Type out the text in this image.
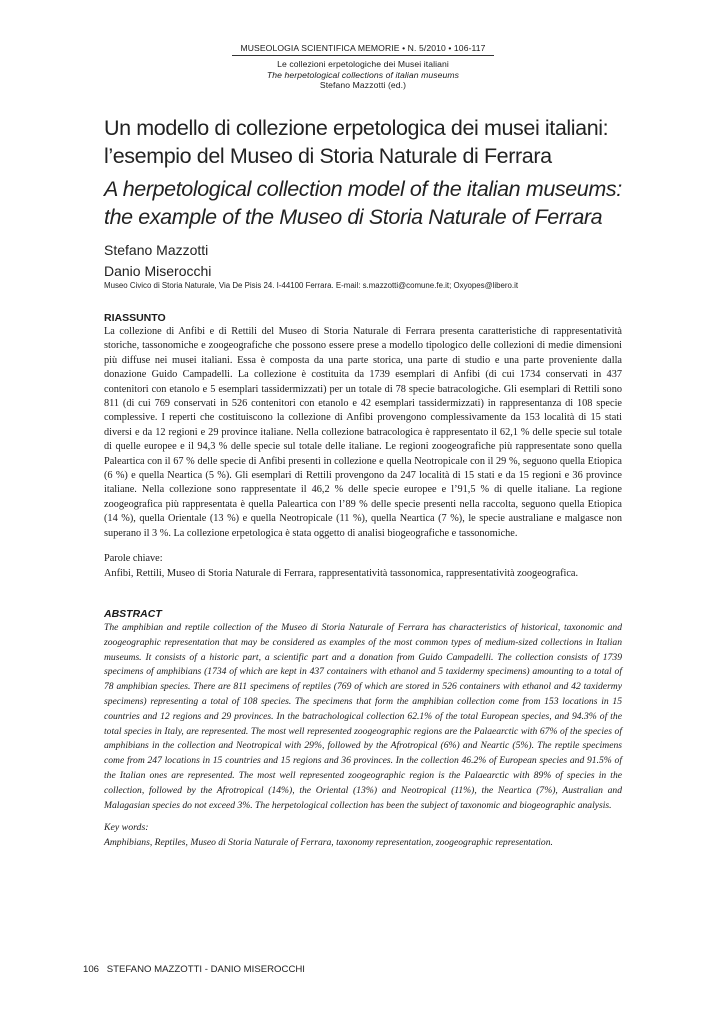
MUSEOLOGIA SCIENTIFICA MEMORIE • N. 5/2010 • 106-117
Le collezioni erpetologiche dei Musei italiani
The herpetological collections of italian museums
Stefano Mazzotti (ed.)
Un modello di collezione erpetologica dei musei italiani:
l’esempio del Museo di Storia Naturale di Ferrara
A herpetological collection model of the italian museums:
the example of the Museo di Storia Naturale of Ferrara
Stefano Mazzotti
Danio Miserocchi
Museo Civico di Storia Naturale, Via De Pisis 24. I-44100 Ferrara. E-mail: s.mazzotti@comune.fe.it; Oxyopes@libero.it
RIASSUNTO

La collezione di Anfibi e di Rettili del Museo di Storia Naturale di Ferrara presenta caratteristiche di rappresentatività storiche, tassonomiche e zoogeografiche che possono essere prese a modello tipologico delle collezioni di medie dimensioni più diffuse nei musei italiani. Essa è composta da una parte storica, una parte di studio e una parte proveniente dalla donazione Guido Campadelli. La collezione è costituita da 1739 esemplari di Anfibi (di cui 1734 conservati in 437 contenitori con etanolo e 5 esemplari tassidermizzati) per un totale di 78 specie batracologiche. Gli esemplari di Rettili sono 811 (di cui 769 conservati in 526 contenitori con etanolo e 42 esemplari tassidermizzati) in rappresentanza di 108 specie complessive. I reperti che costituiscono la collezione di Anfibi provengono complessivamente da 153 località di 15 stati diversi e da 12 regioni e 29 province italiane. Nella collezione batracologica è rappresentato il 62,1 % delle specie sul totale di quelle europee e il 94,3 % delle specie sul totale delle italiane. Le regioni zoogeografiche più rappresentate sono quella Paleartica con il 67 % delle specie di Anfibi presenti in collezione e quella Neotropicale con il 29 %, seguono quella Etiopica (6 %) e quella Neartica (5 %). Gli esemplari di Rettili provengono da 247 località di 15 stati e da 15 regioni e 36 province italiane. Nella collezione sono rappresentate il 46,2 % delle specie europee e l’91,5 % di quelle italiane. La regione zoogeografica più rappresentata è quella Paleartica con l’89 % delle specie presenti nella raccolta, seguono quella Etiopica (14 %), quella Orientale (13 %) e quella Neotropicale (11 %), quella Neartica (7 %), le specie australiane e malgasce non superano il 3 %. La collezione erpetologica è stata oggetto di analisi biogeografiche e tassonomiche.

Parole chiave:
Anfibi, Rettili, Museo di Storia Naturale di Ferrara, rappresentatività tassonomica, rappresentatività zoogeografica.
ABSTRACT

The amphibian and reptile collection of the Museo di Storia Naturale of Ferrara has characteristics of historical, taxonomic and zoogeographic representation that may be considered as examples of the most common types of medium-sized collections in Italian museums. It consists of a historic part, a scientific part and a donation from Guido Campadelli. The collection consists of 1739 specimens of amphibians (1734 of which are kept in 437 containers with ethanol and 5 taxidermy specimens) amounting to a total of 78 amphibian species. There are 811 specimens of reptiles (769 of which are stored in 526 containers with ethanol and 42 taxidermy specimens) representing a total of 108 species. The specimens that form the amphibian collection come from 153 locations in 15 countries and 12 regions and 29 provinces. In the batrachological collection 62.1% of the total European species, and 94.3% of the total species in Italy, are represented. The most well represented zoogeographic regions are the Palaearctic with 67% of the species of amphibians in the collection and Neotropical with 29%, followed by the Afrotropical (6%) and Neartic (5%). The reptile specimens come from 247 locations in 15 countries and 15 regions and 36 provinces. In the collection 46.2% of European species and 91.5% of the Italian ones are represented. The most well represented zoogeographic region is the Palaearctic with 89% of species in the collection, followed by the Afrotropical (14%), the Oriental (13%) and Neotropical (11%), the Neartica (7%), Australian and Malagasian species do not exceed 3%. The herpetological collection has been the subject of taxonomic and biogeographic analysis.

Key words:
Amphibians, Reptiles, Museo di Storia Naturale of Ferrara, taxonomy representation, zoogeographic representation.
106 STEFANO MAZZOTTI - DANIO MISEROCCHI
